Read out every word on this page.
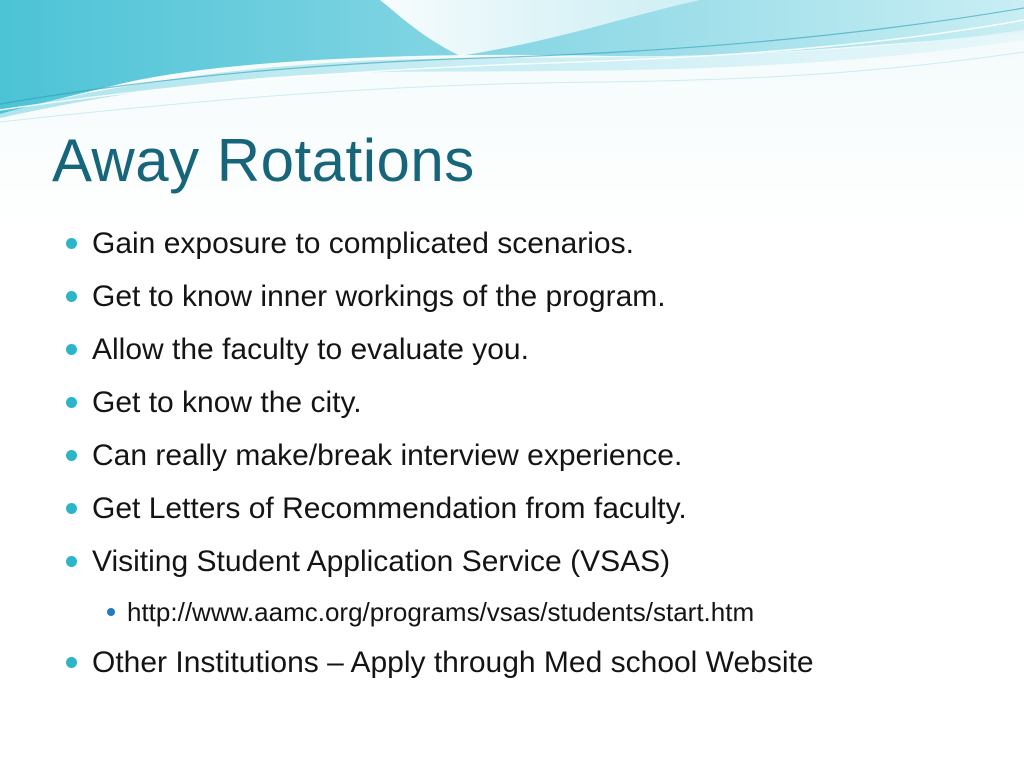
Away Rotations
Gain exposure to complicated scenarios.
Get to know inner workings of the program.
Allow the faculty to evaluate you.
Get to know the city.
Can really make/break interview experience.
Get Letters of Recommendation from faculty.
Visiting Student Application Service (VSAS)
http://www.aamc.org/programs/vsas/students/start.htm
Other Institutions – Apply through Med school Website
